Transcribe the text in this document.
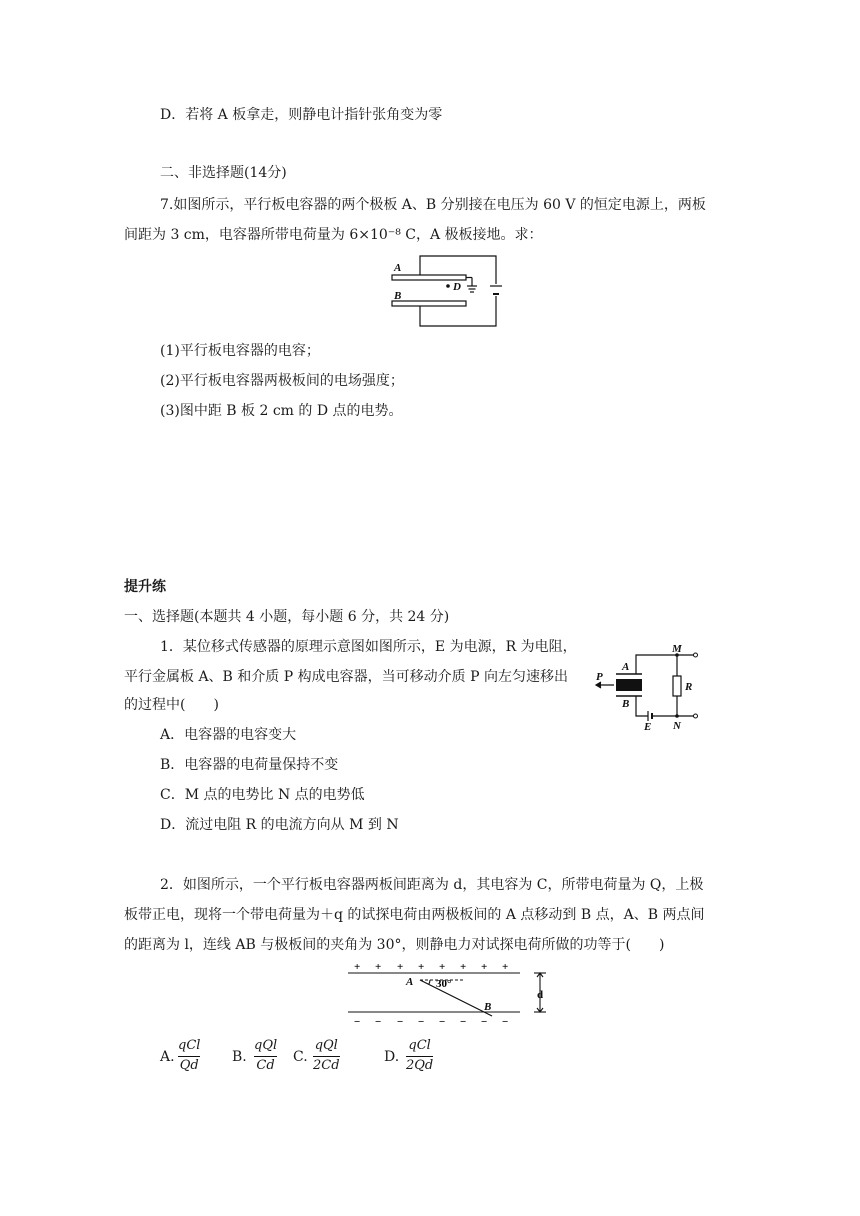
D．若将 A 板拿走，则静电计指针张角变为零
二、非选择题(14分)
7.如图所示，平行板电容器的两个极板 A、B 分别接在电压为 60 V 的恒定电源上，两板
间距为 3 cm，电容器所带电荷量为 6×10⁻⁸ C，A 极板接地。求：
A
B
D
(1)平行板电容器的电容；
(2)平行板电容器两极板间的电场强度；
(3)图中距 B 板 2 cm 的 D 点的电势。
提升练
一、选择题(本题共 4 小题，每小题 6 分，共 24 分)
1．某位移式传感器的原理示意图如图所示，E 为电源，R 为电阻，
平行金属板 A、B 和介质 P 构成电容器，当可移动介质 P 向左匀速移出
的过程中(　　)
M
A
P
R
B
E N
A．电容器的电容变大
B．电容器的电荷量保持不变
C．M 点的电势比 N 点的电势低
D．流过电阻 R 的电流方向从 M 到 N
2．如图所示，一个平行板电容器两板间距离为 d，其电容为 C，所带电荷量为 Q，上极
板带正电，现将一个带电荷量为＋q 的试探电荷由两极板间的 A 点移动到 B 点，A、B 两点间
的距离为 l，连线 AB 与极板间的夹角为 30°，则静电力对试探电荷所做的功等于(　　)
+ + + + + + + +
− − − − − − − −
A 30°
B
d
A.
qCl
Qd
B.
qQl
Cd
C.
qQl
2Cd
D.
qCl
2Qd
